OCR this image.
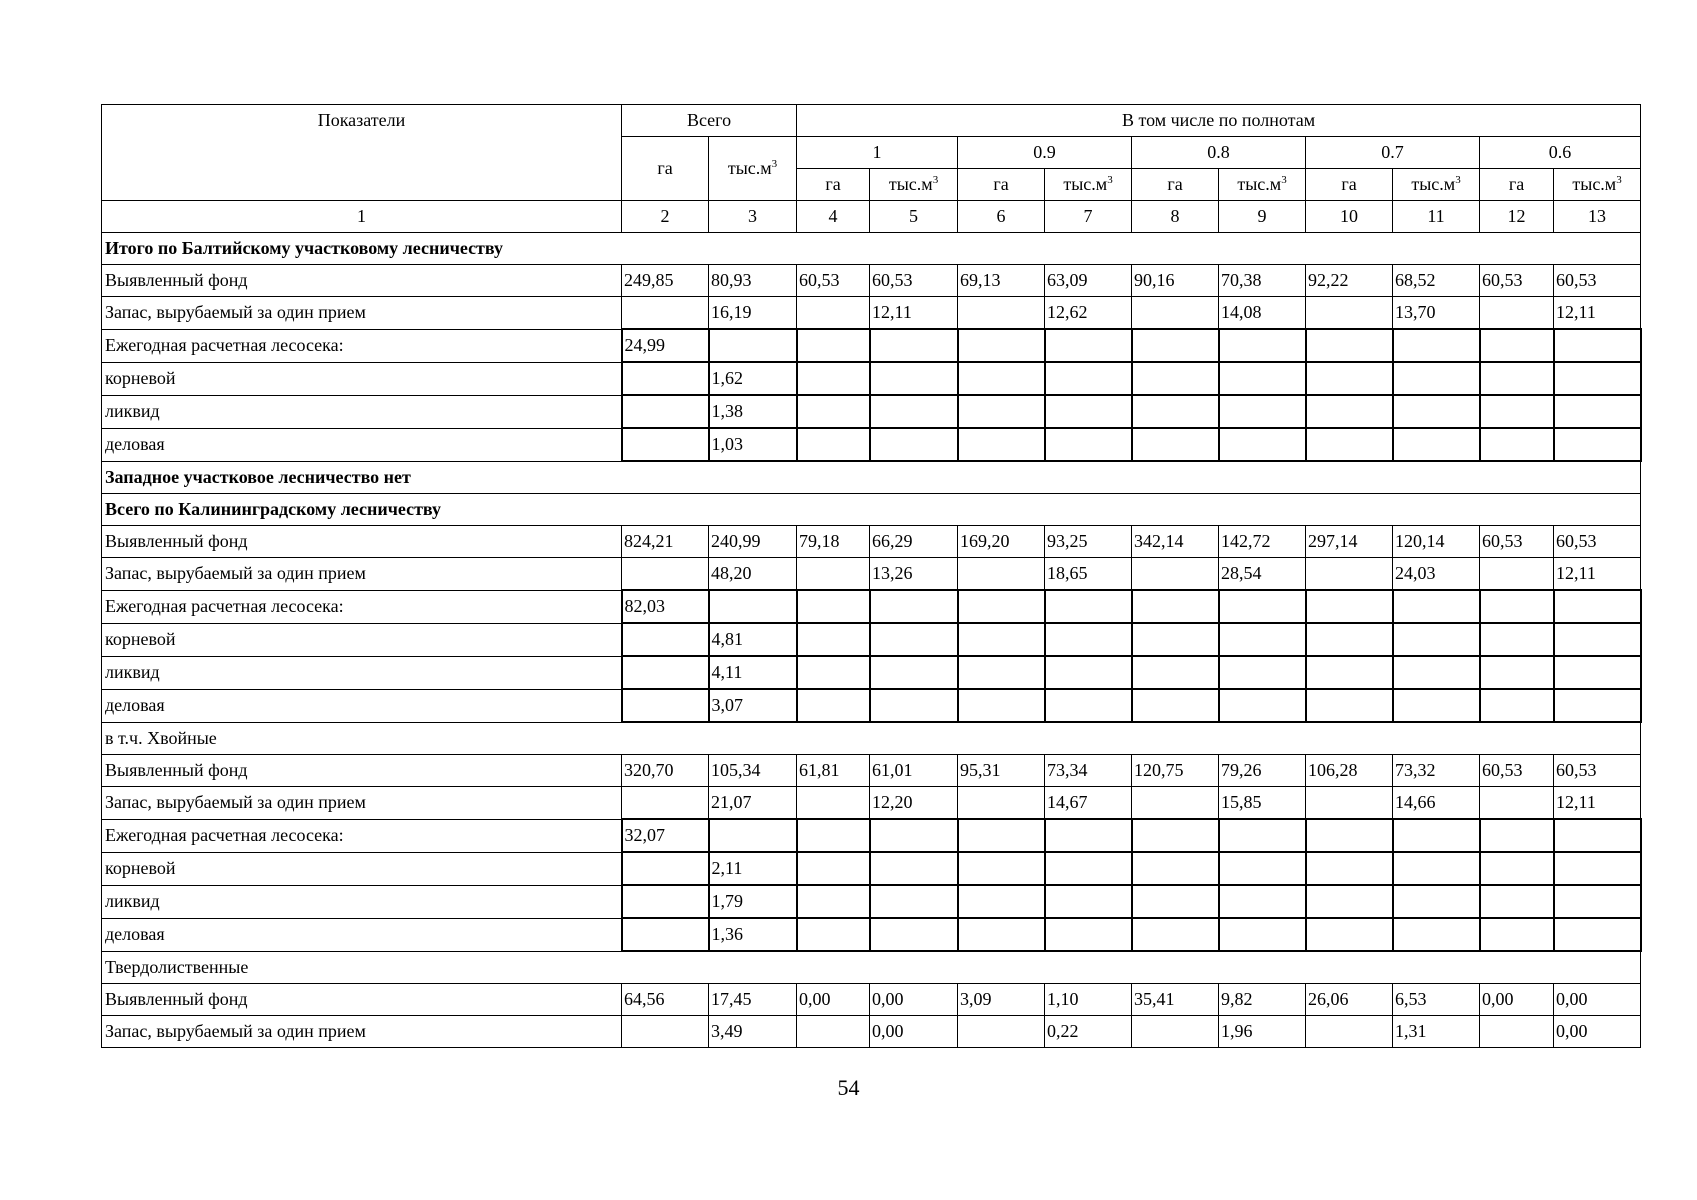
Показатели	Всего		В том числе по полнотам									
	га	$тыс.м^3$	1		0.9		0.8		0.7		0.6	
			га	$тыс.м^3$	га	$тыс.м^3$	га	$тыс.м^3$	га	$тыс.м^3$	га	$тыс.м^3$
1	2	3	4	5	6	7	8	9	10	11	12	13
Итого по Балтийскому участковому лесничеству												
Выявленный фонд	249,85	80,93	60,53	60,53	69,13	63,09	90,16	70,38	92,22	68,52	60,53	60,53
Запас, вырубаемый за один прием		16,19		12,11		12,62		14,08		13,70		12,11
Ежегодная расчетная лесосека:	24,99											
корневой		1,62										
ликвид		1,38										
деловая		1,03										
Западное участковое лесничество нет												
Всего по Калининградскому лесничеству												
Выявленный фонд	824,21	240,99	79,18	66,29	169,20	93,25	342,14	142,72	297,14	120,14	60,53	60,53
Запас, вырубаемый за один прием		48,20		13,26		18,65		28,54		24,03		12,11
Ежегодная расчетная лесосека:	82,03											
корневой		4,81										
ликвид		4,11										
деловая		3,07										
в т.ч. Хвойные												
Выявленный фонд	320,70	105,34	61,81	61,01	95,31	73,34	120,75	79,26	106,28	73,32	60,53	60,53
Запас, вырубаемый за один прием		21,07		12,20		14,67		15,85		14,66		12,11
Ежегодная расчетная лесосека:	32,07											
корневой		2,11										
ликвид		1,79										
деловая		1,36										
Твердолиственные												
Выявленный фонд	64,56	17,45	0,00	0,00	3,09	1,10	35,41	9,82	26,06	6,53	0,00	0,00
Запас, вырубаемый за один прием		3,49		0,00		0,22		1,96		1,31		0,00
54
